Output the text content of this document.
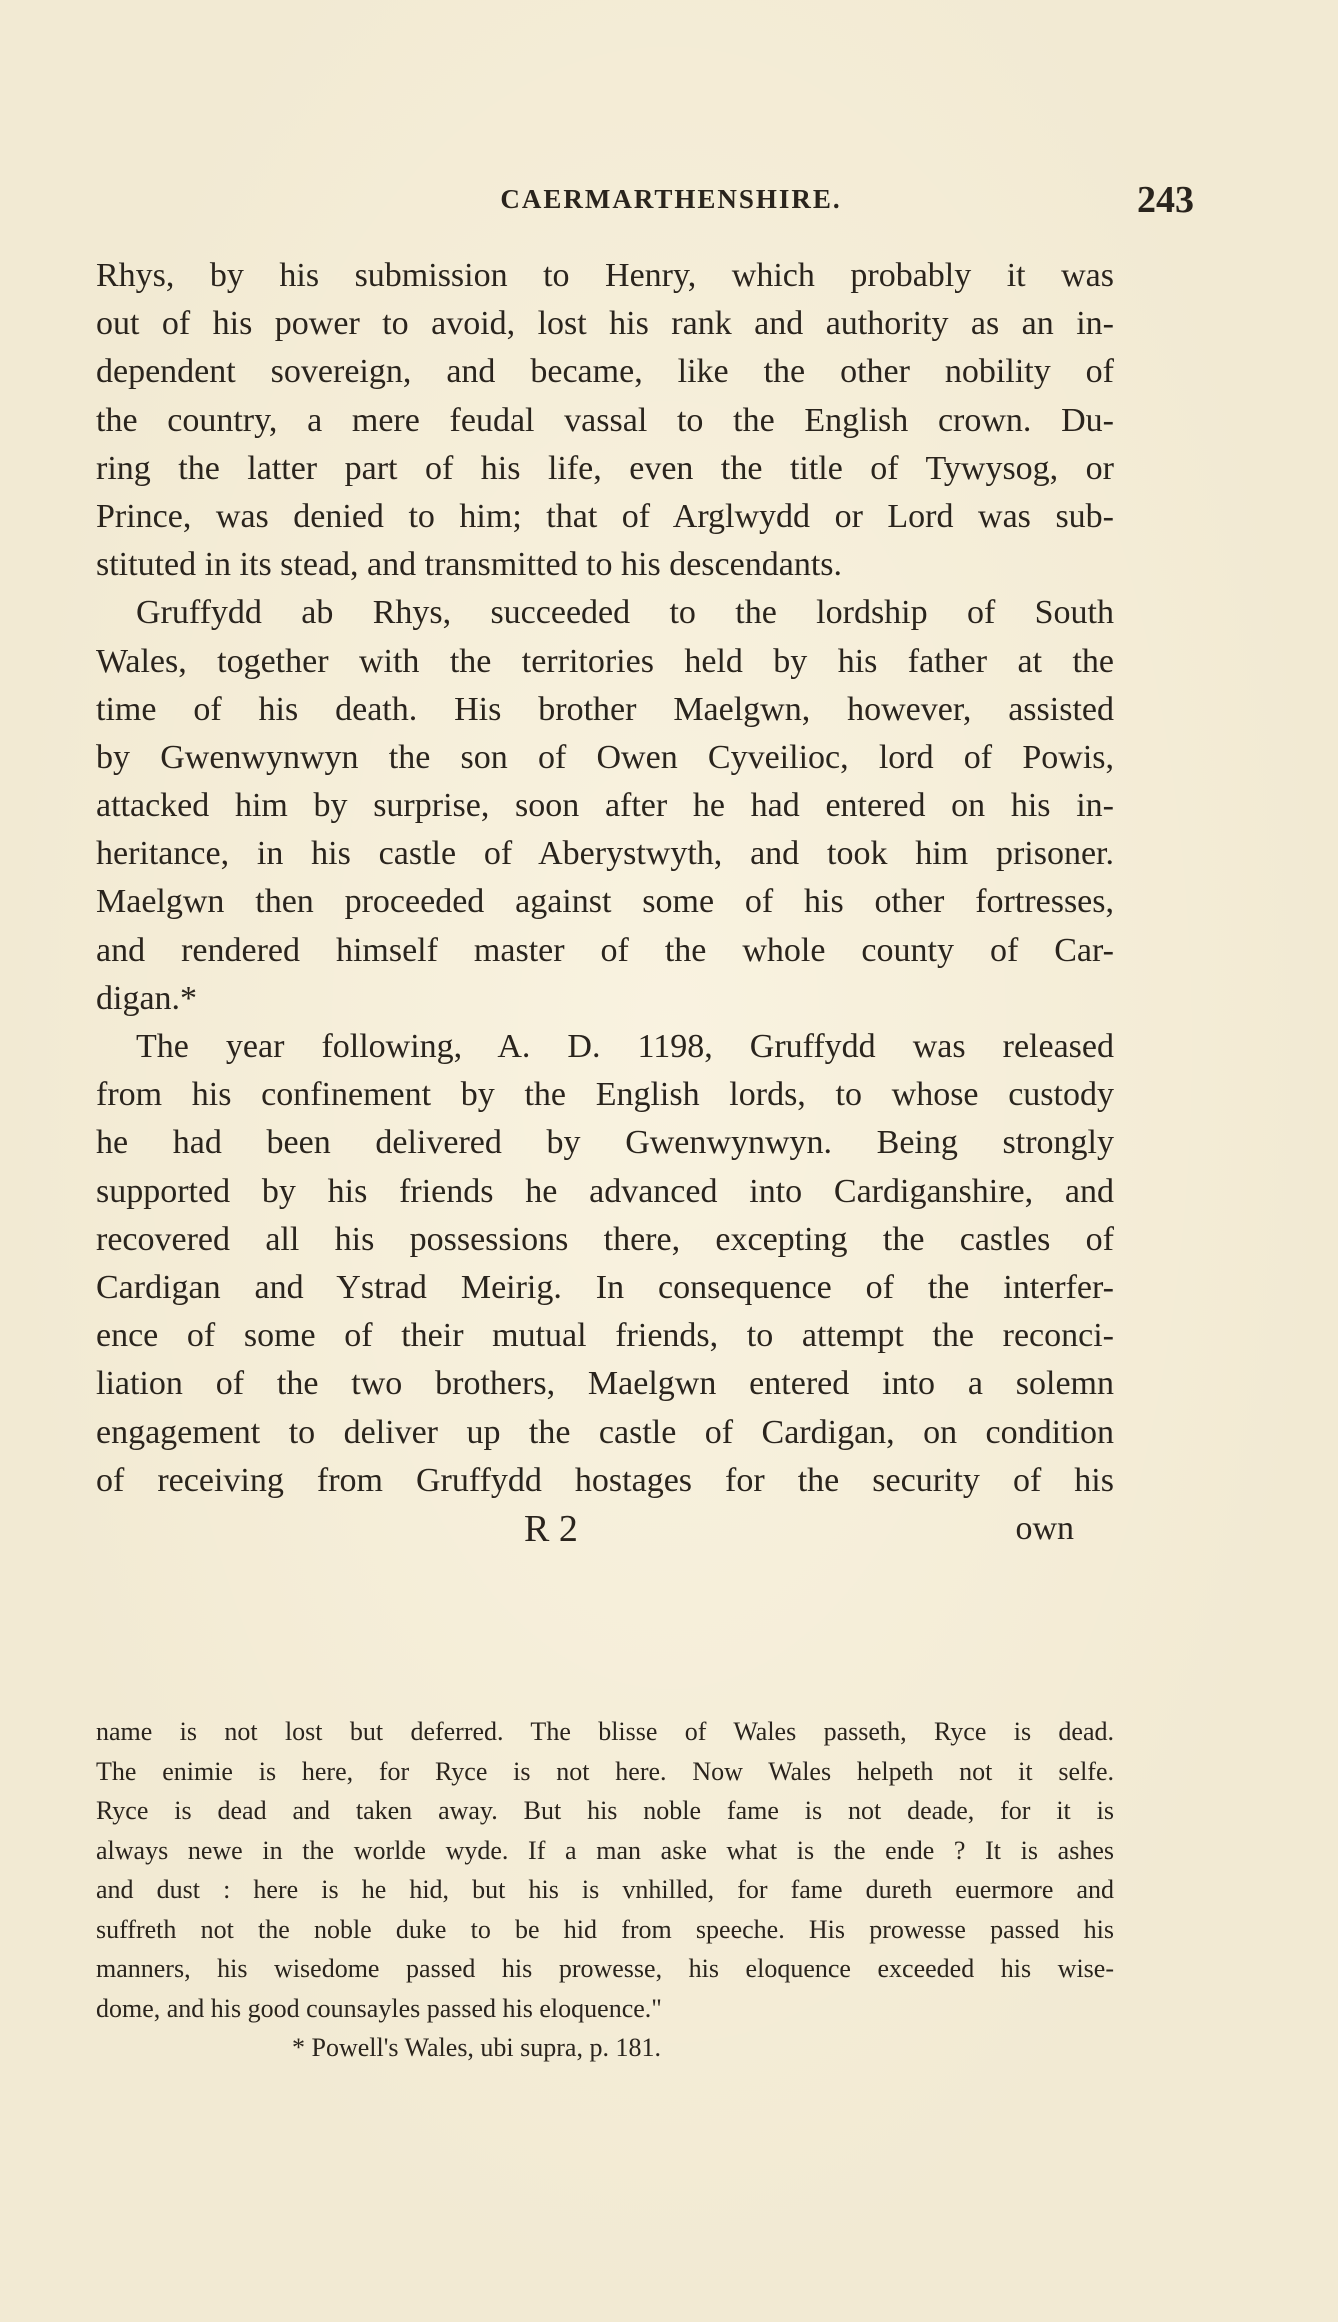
CAERMARTHENSHIRE.	243
Rhys, by his submission to Henry, which probably it was
out of his power to avoid, lost his rank and authority as an in-
dependent sovereign, and became, like the other nobility of
the country, a mere feudal vassal to the English crown. Du-
ring the latter part of his life, even the title of Tywysog, or
Prince, was denied to him; that of Arglwydd or Lord was sub-
stituted in its stead, and transmitted to his descendants.
Gruffydd ab Rhys, succeeded to the lordship of South
Wales, together with the territories held by his father at the
time of his death. His brother Maelgwn, however, assisted
by Gwenwynwyn the son of Owen Cyveilioc, lord of Powis,
attacked him by surprise, soon after he had entered on his in-
heritance, in his castle of Aberystwyth, and took him prisoner.
Maelgwn then proceeded against some of his other fortresses,
and rendered himself master of the whole county of Car-
digan.*
The year following, A. D. 1198, Gruffydd was released
from his confinement by the English lords, to whose custody
he had been delivered by Gwenwynwyn. Being strongly
supported by his friends he advanced into Cardiganshire, and
recovered all his possessions there, excepting the castles of
Cardigan and Ystrad Meirig. In consequence of the interfer-
ence of some of their mutual friends, to attempt the reconci-
liation of the two brothers, Maelgwn entered into a solemn
engagement to deliver up the castle of Cardigan, on condition
of receiving from Gruffydd hostages for the security of his
R 2	own
name is not lost but deferred. The blisse of Wales passeth, Ryce is dead.
The enimie is here, for Ryce is not here. Now Wales helpeth not it selfe.
Ryce is dead and taken away. But his noble fame is not deade, for it is
always newe in the worlde wyde. If a man aske what is the ende ? It is ashes
and dust : here is he hid, but his is vnhilled, for fame dureth euermore and
suffreth not the noble duke to be hid from speeche. His prowesse passed his
manners, his wisedome passed his prowesse, his eloquence exceeded his wise-
dome, and his good counsayles passed his eloquence."
* Powell's Wales, ubi supra, p. 181.
